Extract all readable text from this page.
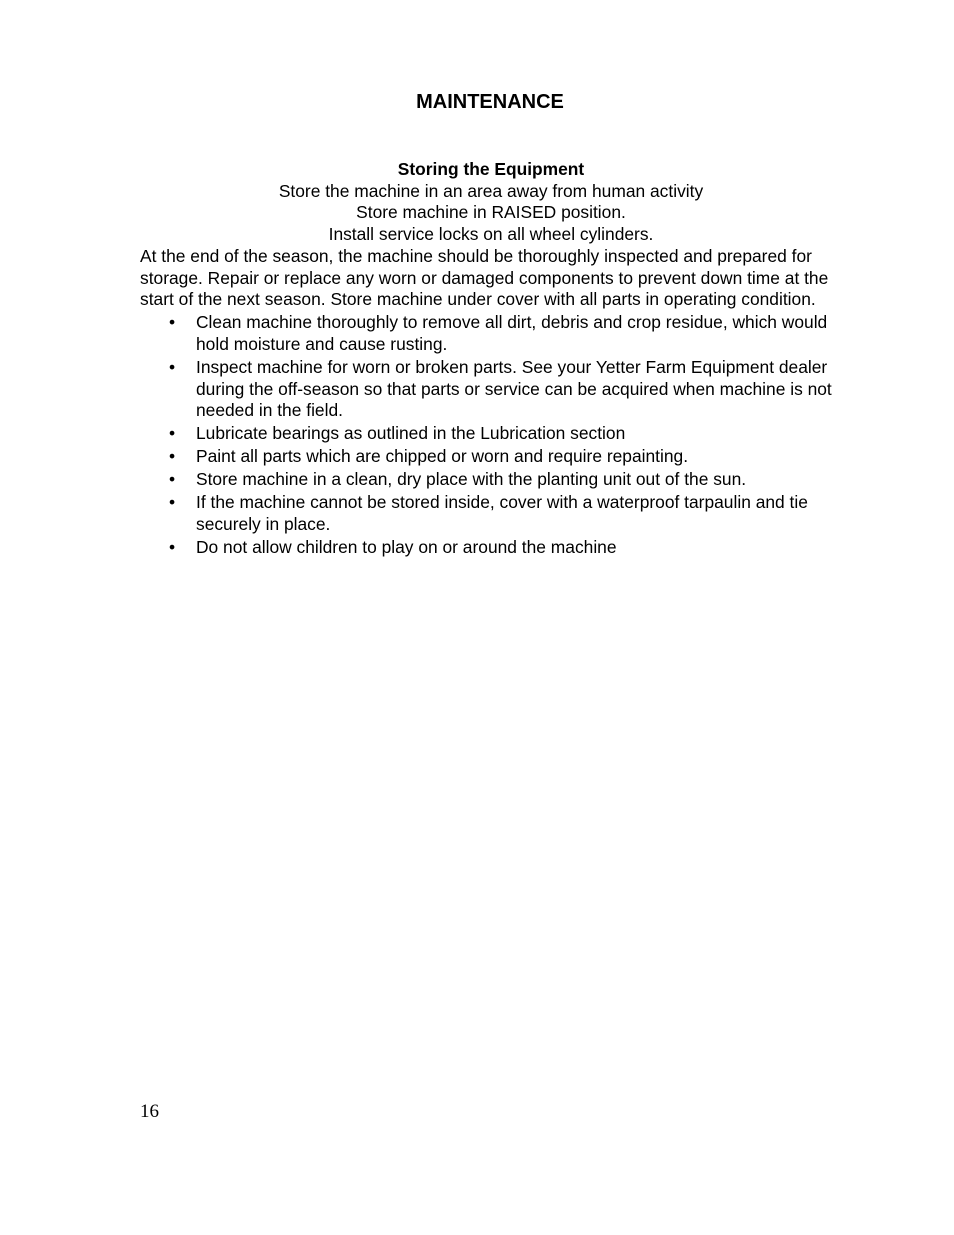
MAINTENANCE

Storing the Equipment

Store the machine in an area away from human activity

Store machine in RAISED position.

Install service locks on all wheel cylinders.

At the end of the season, the machine should be thoroughly inspected and prepared for storage. Repair or replace any worn or damaged components to prevent down time at the start of the next season. Store machine under cover with all parts in operating condition.

• Clean machine thoroughly to remove all dirt, debris and crop residue, which would hold moisture and cause rusting.
• Inspect machine for worn or broken parts. See your Yetter Farm Equipment dealer during the off-season so that parts or service can be acquired when machine is not needed in the field.
• Lubricate bearings as outlined in the Lubrication section
• Paint all parts which are chipped or worn and require repainting.
• Store machine in a clean, dry place with the planting unit out of the sun.
• If the machine cannot be stored inside, cover with a waterproof tarpaulin and tie securely in place.
• Do not allow children to play on or around the machine
16
